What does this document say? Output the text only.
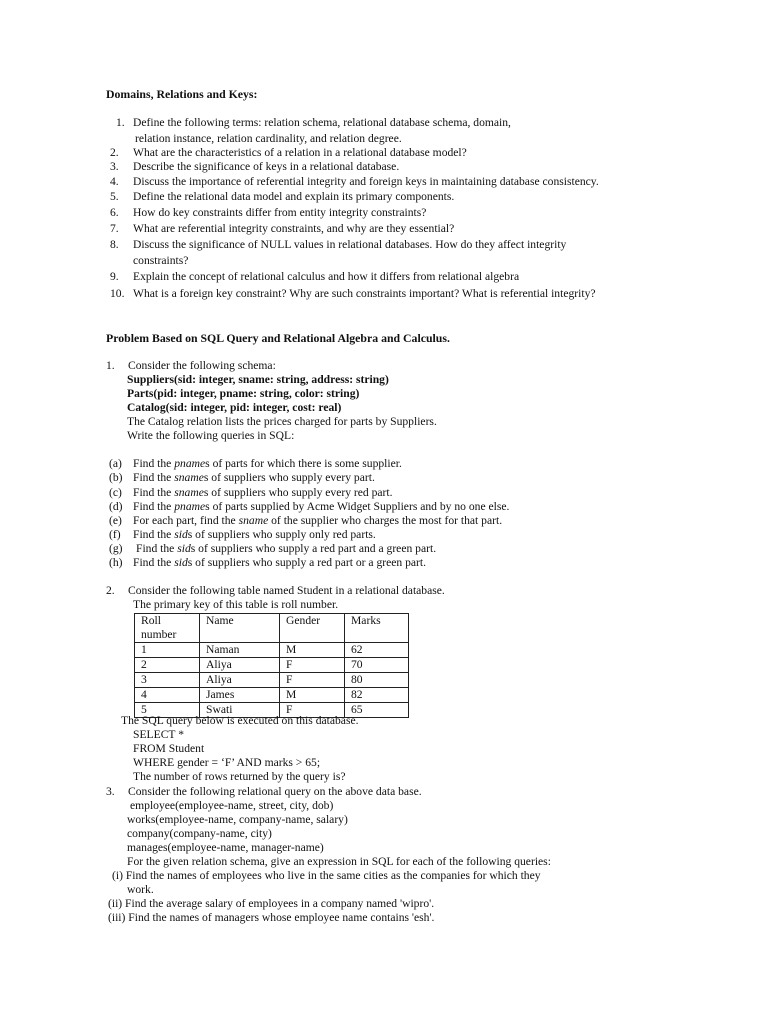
Domains, Relations and Keys:
1. Define the following terms: relation schema, relational database schema, domain,
relation instance, relation cardinality, and relation degree.
2. What are the characteristics of a relation in a relational database model?
3. Describe the significance of keys in a relational database.
4. Discuss the importance of referential integrity and foreign keys in maintaining database consistency.
5. Define the relational data model and explain its primary components.
6. How do key constraints differ from entity integrity constraints?
7. What are referential integrity constraints, and why are they essential?
8. Discuss the significance of NULL values in relational databases. How do they affect integrity
constraints?
9. Explain the concept of relational calculus and how it differs from relational algebra
10. What is a foreign key constraint? Why are such constraints important? What is referential integrity?
Problem Based on SQL Query and Relational Algebra and Calculus.
1. Consider the following schema:
Suppliers(sid: integer, sname: string, address: string)
Parts(pid: integer, pname: string, color: string)
Catalog(sid: integer, pid: integer, cost: real)
The Catalog relation lists the prices charged for parts by Suppliers.
Write the following queries in SQL:
(a) Find the pnames of parts for which there is some supplier.
(b) Find the snames of suppliers who supply every part.
(c) Find the snames of suppliers who supply every red part.
(d) Find the pnames of parts supplied by Acme Widget Suppliers and by no one else.
(e) For each part, find the sname of the supplier who charges the most for that part.
(f) Find the sids of suppliers who supply only red parts.
(g) Find the sids of suppliers who supply a red part and a green part.
(h) Find the sids of suppliers who supply a red part or a green part.
2. Consider the following table named Student in a relational database.
The primary key of this table is roll number.
Roll
number	Name	Gender	Marks
1	Naman	M	62
2	Aliya	F	70
3	Aliya	F	80
4	James	M	82
5	Swati	F	65
The SQL query below is executed on this database.
SELECT *
FROM Student
WHERE gender = ‘F’ AND marks > 65;
The number of rows returned by the query is?
3. Consider the following relational query on the above data base.
employee(employee-name, street, city, dob)
works(employee-name, company-name, salary)
company(company-name, city)
manages(employee-name, manager-name)
For the given relation schema, give an expression in SQL for each of the following queries:
(i) Find the names of employees who live in the same cities as the companies for which they
work.
(ii) Find the average salary of employees in a company named 'wipro'.
(iii) Find the names of managers whose employee name contains 'esh'.
